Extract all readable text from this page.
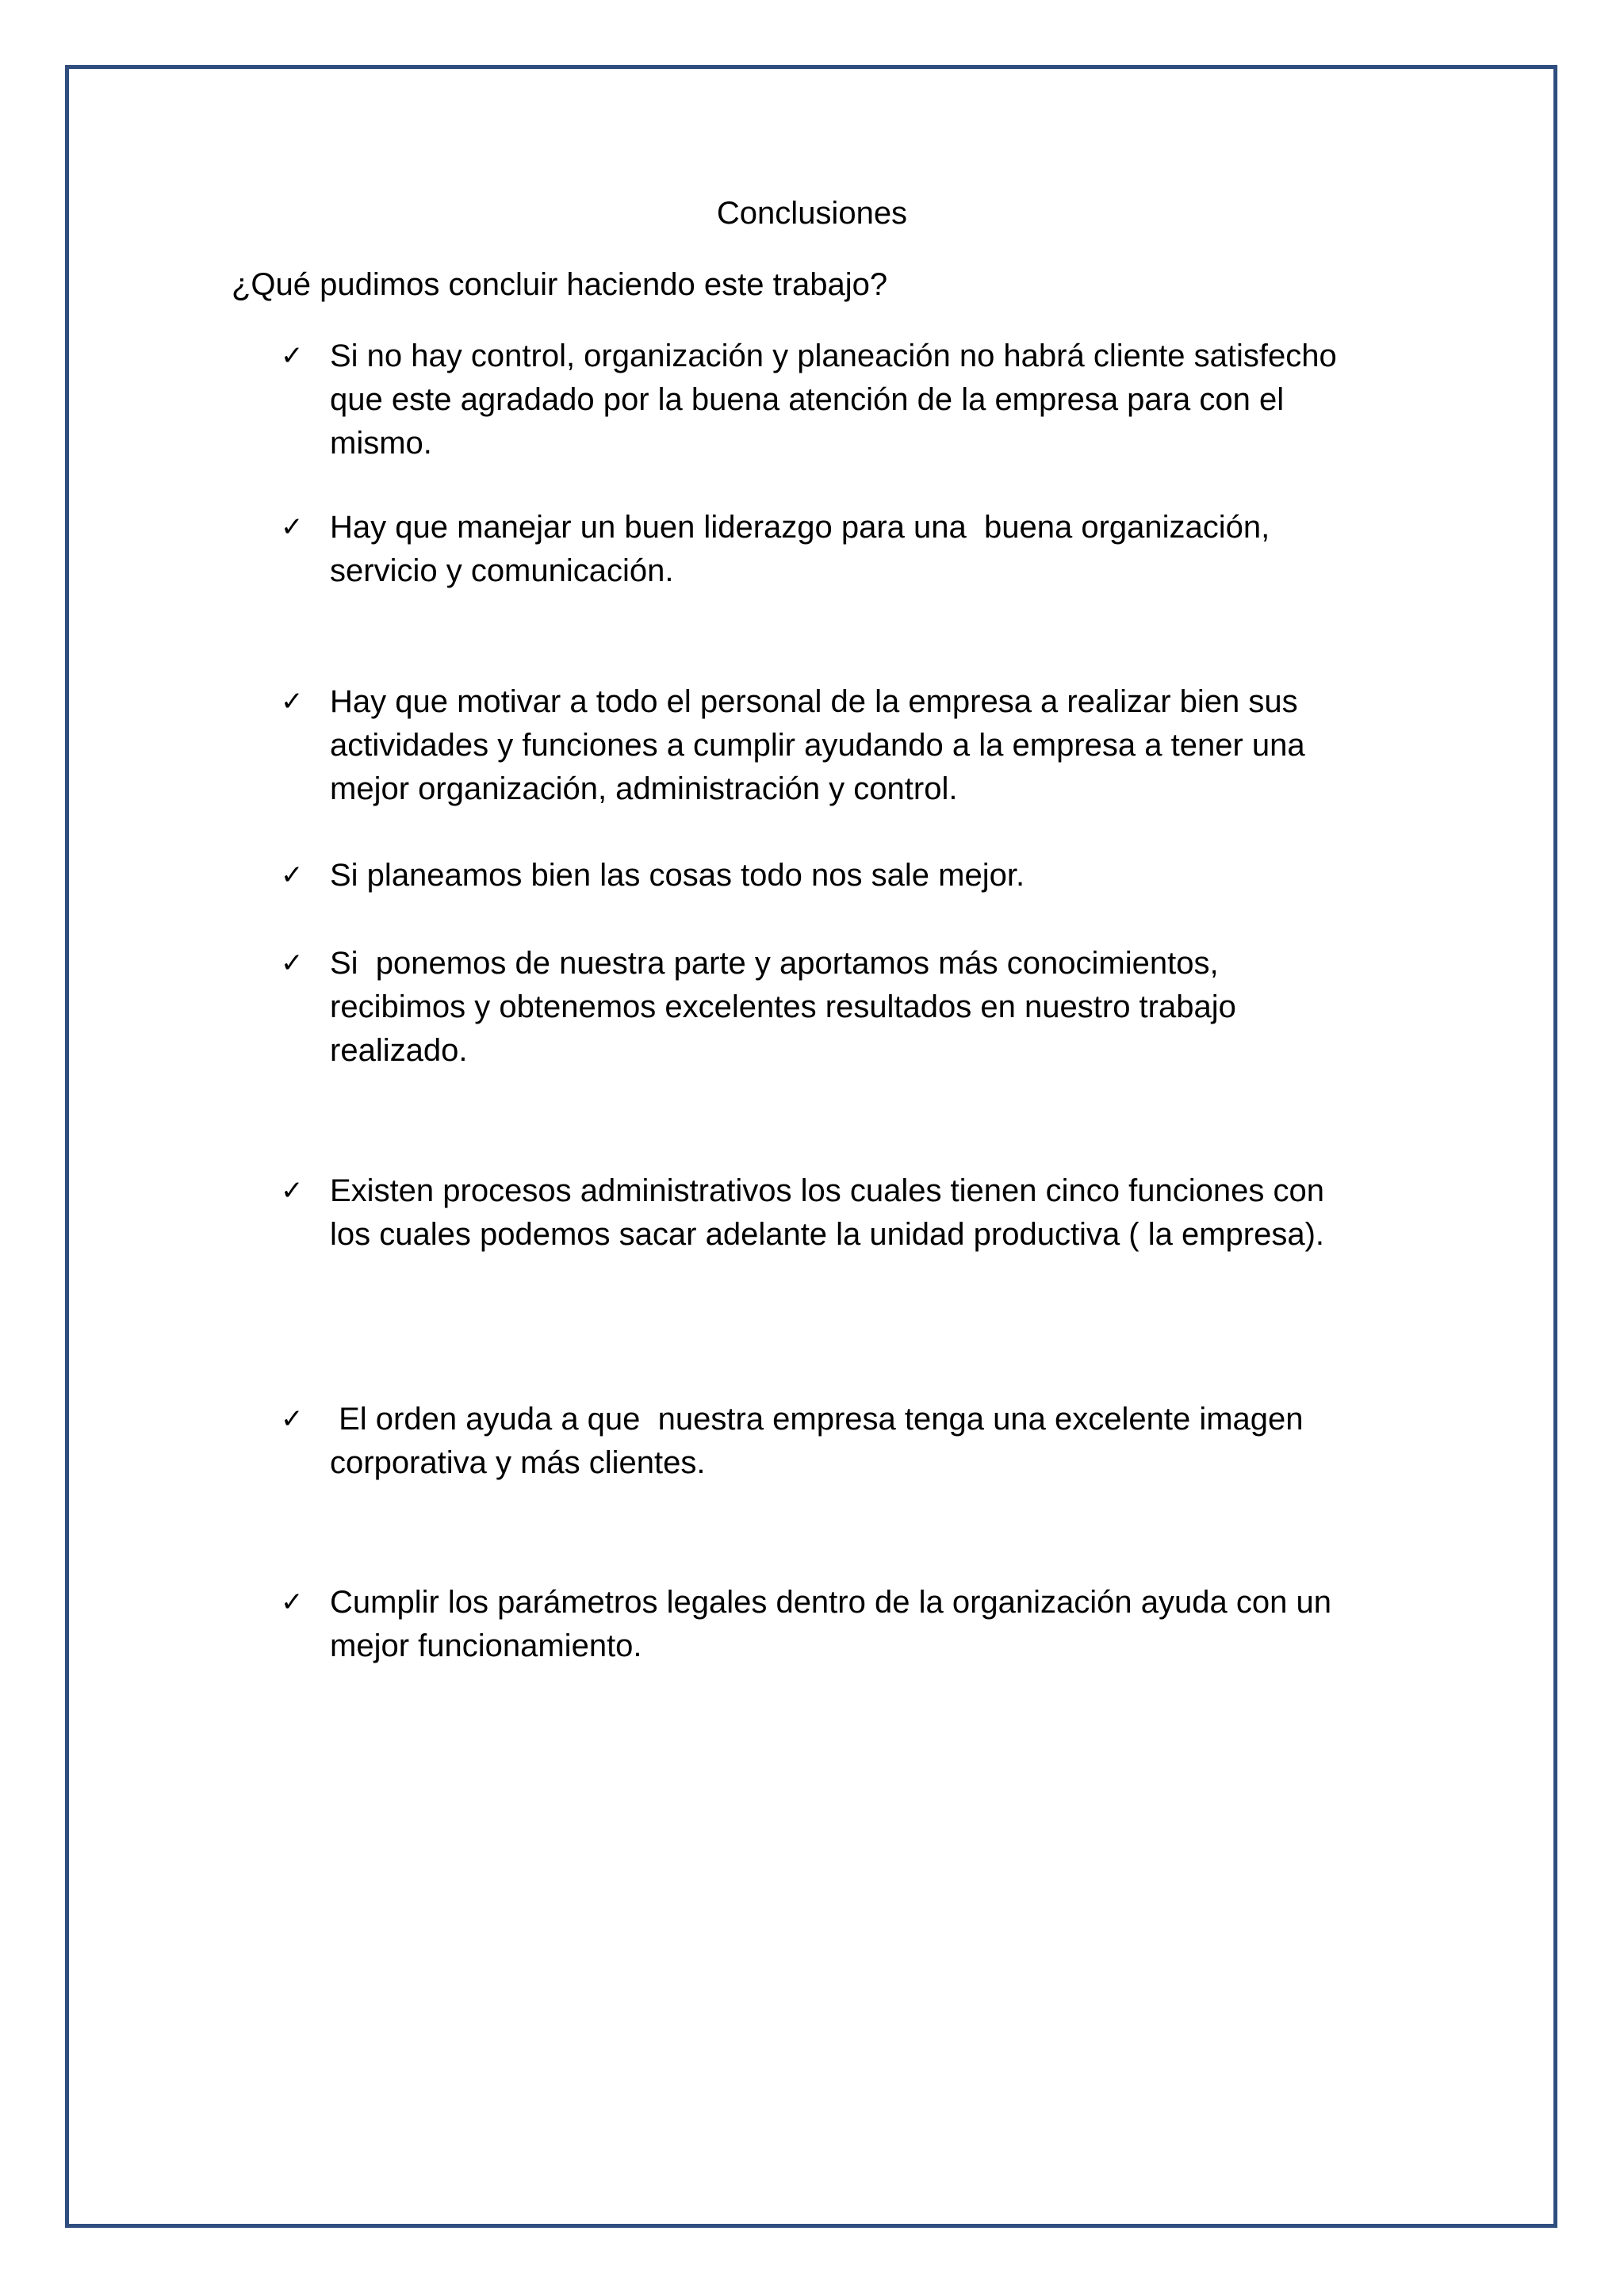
Conclusiones
¿Qué pudimos concluir haciendo este trabajo?
✓ Si no hay control, organización y planeación no habrá cliente satisfecho
que este agradado por la buena atención de la empresa para con el
mismo.
✓ Hay que manejar un buen liderazgo para una  buena organización,
servicio y comunicación.
✓ Hay que motivar a todo el personal de la empresa a realizar bien sus
actividades y funciones a cumplir ayudando a la empresa a tener una
mejor organización, administración y control.
✓ Si planeamos bien las cosas todo nos sale mejor.
✓ Si  ponemos de nuestra parte y aportamos más conocimientos,
recibimos y obtenemos excelentes resultados en nuestro trabajo
realizado.
✓ Existen procesos administrativos los cuales tienen cinco funciones con
los cuales podemos sacar adelante la unidad productiva ( la empresa).
✓ El orden ayuda a que  nuestra empresa tenga una excelente imagen
corporativa y más clientes.
✓ Cumplir los parámetros legales dentro de la organización ayuda con un
mejor funcionamiento.
